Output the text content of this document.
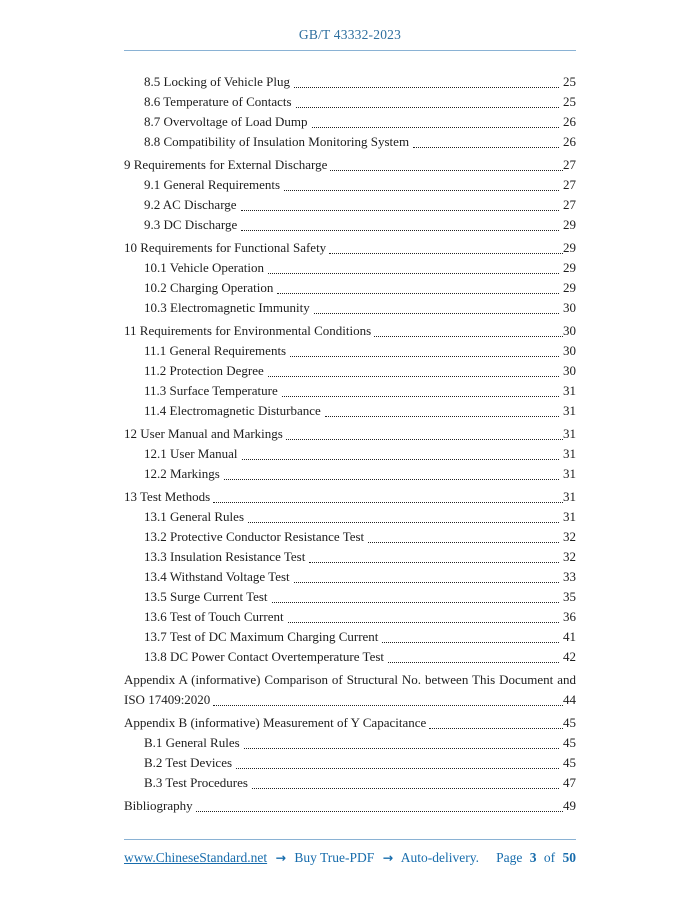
GB/T 43332-2023
8.5 Locking of Vehicle Plug	25
8.6 Temperature of Contacts	25
8.7 Overvoltage of Load Dump	26
8.8 Compatibility of Insulation Monitoring System	26
9 Requirements for External Discharge	27
9.1 General Requirements	27
9.2 AC Discharge	27
9.3 DC Discharge	29
10 Requirements for Functional Safety	29
10.1 Vehicle Operation	29
10.2 Charging Operation	29
10.3 Electromagnetic Immunity	30
11 Requirements for Environmental Conditions	30
11.1 General Requirements	30
11.2 Protection Degree	30
11.3 Surface Temperature	31
11.4 Electromagnetic Disturbance	31
12 User Manual and Markings	31
12.1 User Manual	31
12.2 Markings	31
13 Test Methods	31
13.1 General Rules	31
13.2 Protective Conductor Resistance Test	32
13.3 Insulation Resistance Test	32
13.4 Withstand Voltage Test	33
13.5 Surge Current Test	35
13.6 Test of Touch Current	36
13.7 Test of DC Maximum Charging Current	41
13.8 DC Power Contact Overtemperature Test	42
Appendix A (informative) Comparison of Structural No. between This Document and
ISO 17409:2020	44
Appendix B (informative) Measurement of Y Capacitance	45
B.1 General Rules	45
B.2 Test Devices	45
B.3 Test Procedures	47
Bibliography	49
www.ChineseStandard.net → Buy True-PDF → Auto-delivery. Page 3 of 50
